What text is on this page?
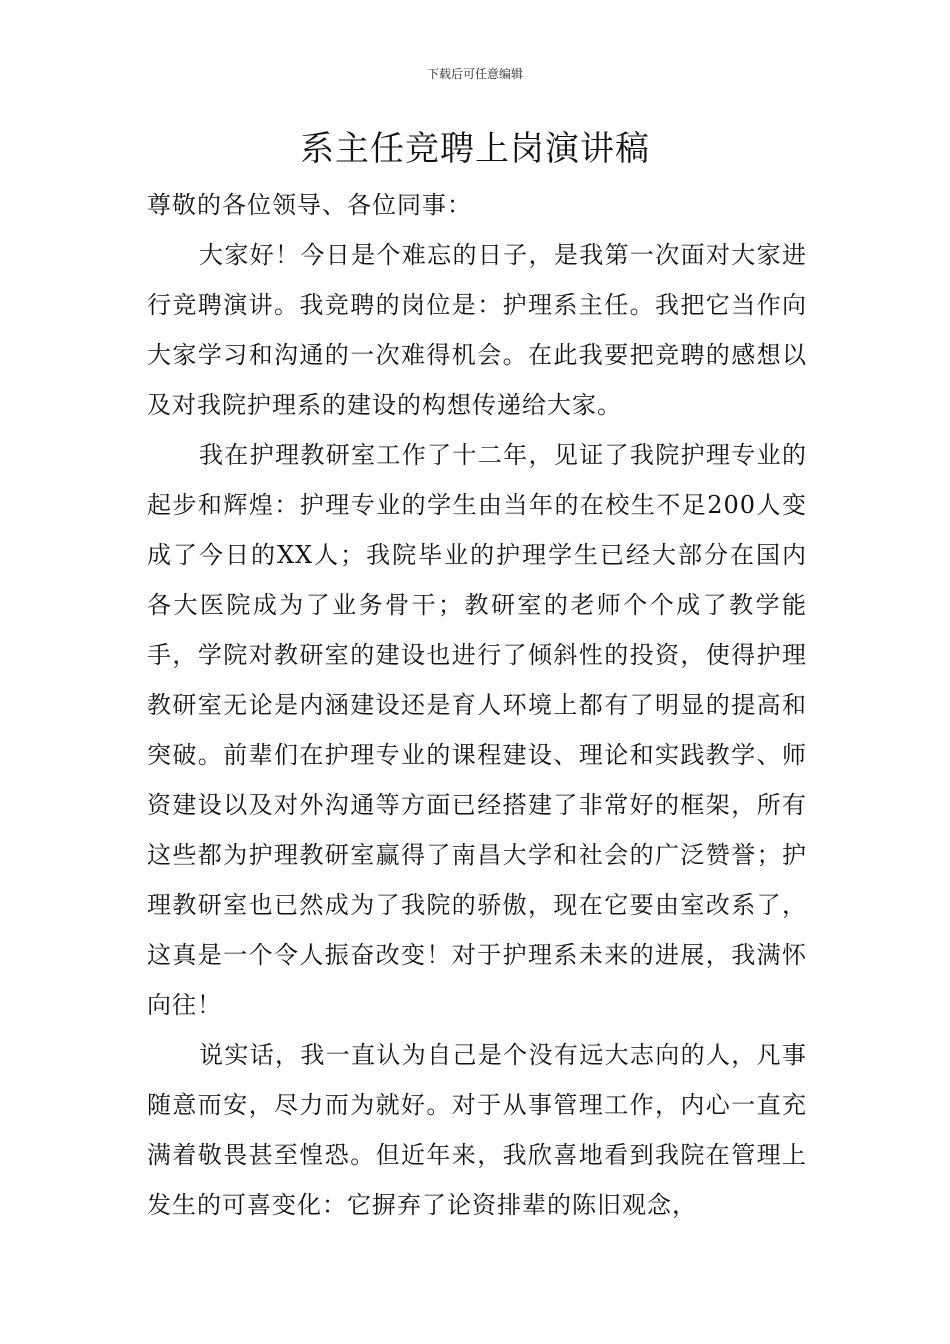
下载后可任意编辑
系主任竞聘上岗演讲稿

尊敬的各位领导、各位同事：

大家好！今日是个难忘的日子，是我第一次面对大家进行竞聘演讲。我竞聘的岗位是：护理系主任。我把它当作向大家学习和沟通的一次难得机会。在此我要把竞聘的感想以及对我院护理系的建设的构想传递给大家。

我在护理教研室工作了十二年，见证了我院护理专业的起步和辉煌：护理专业的学生由当年的在校生不足200人变成了今日的XX人；我院毕业的护理学生已经大部分在国内各大医院成为了业务骨干；教研室的老师个个成了教学能手，学院对教研室的建设也进行了倾斜性的投资，使得护理教研室无论是内涵建设还是育人环境上都有了明显的提高和突破。前辈们在护理专业的课程建设、理论和实践教学、师资建设以及对外沟通等方面已经搭建了非常好的框架，所有这些都为护理教研室赢得了南昌大学和社会的广泛赞誉；护理教研室也已然成为了我院的骄傲，现在它要由室改系了，这真是一个令人振奋改变！对于护理系未来的进展，我满怀向往！

说实话，我一直认为自己是个没有远大志向的人，凡事随意而安，尽力而为就好。对于从事管理工作，内心一直充满着敬畏甚至惶恐。但近年来，我欣喜地看到我院在管理上发生的可喜变化：它摒弃了论资排辈的陈旧观念，
